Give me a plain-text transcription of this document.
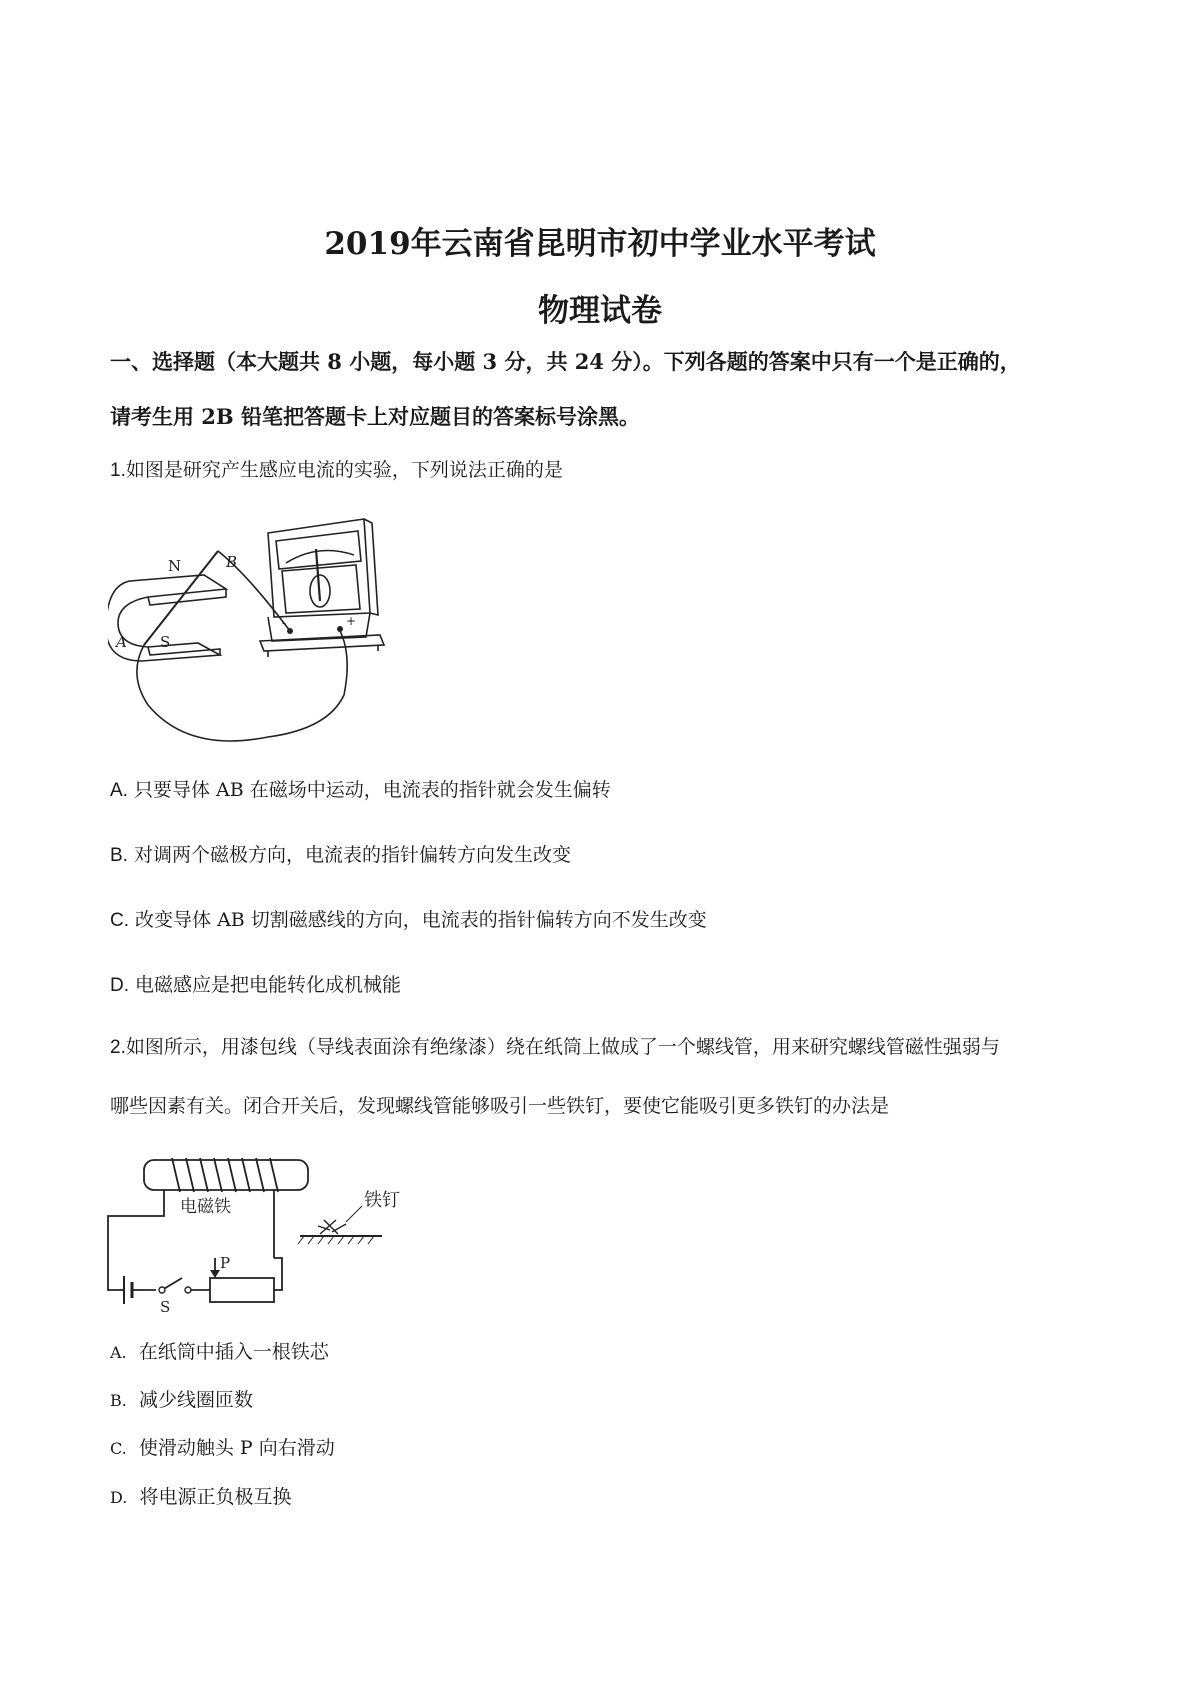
2019年云南省昆明市初中学业水平考试
物理试卷
一、选择题（本大题共 8 小题，每小题 3 分，共 24 分）。下列各题的答案中只有一个是正确的，
请考生用 2B 铅笔把答题卡上对应题目的答案标号涂黑。
1.如图是研究产生感应电流的实验，下列说法正确的是
N
S
A
B
-	+
A. 只要导体 AB 在磁场中运动，电流表的指针就会发生偏转
B. 对调两个磁极方向，电流表的指针偏转方向发生改变
C. 改变导体 AB 切割磁感线的方向，电流表的指针偏转方向不发生改变
D. 电磁感应是把电能转化成机械能
2.如图所示，用漆包线（导线表面涂有绝缘漆）绕在纸筒上做成了一个螺线管，用来研究螺线管磁性强弱与
哪些因素有关。闭合开关后，发现螺线管能够吸引一些铁钉，要使它能吸引更多铁钉的办法是
电磁铁	铁钉
P
S
A. 在纸筒中插入一根铁芯
B. 减少线圈匝数
C. 使滑动触头 P 向右滑动
D. 将电源正负极互换
